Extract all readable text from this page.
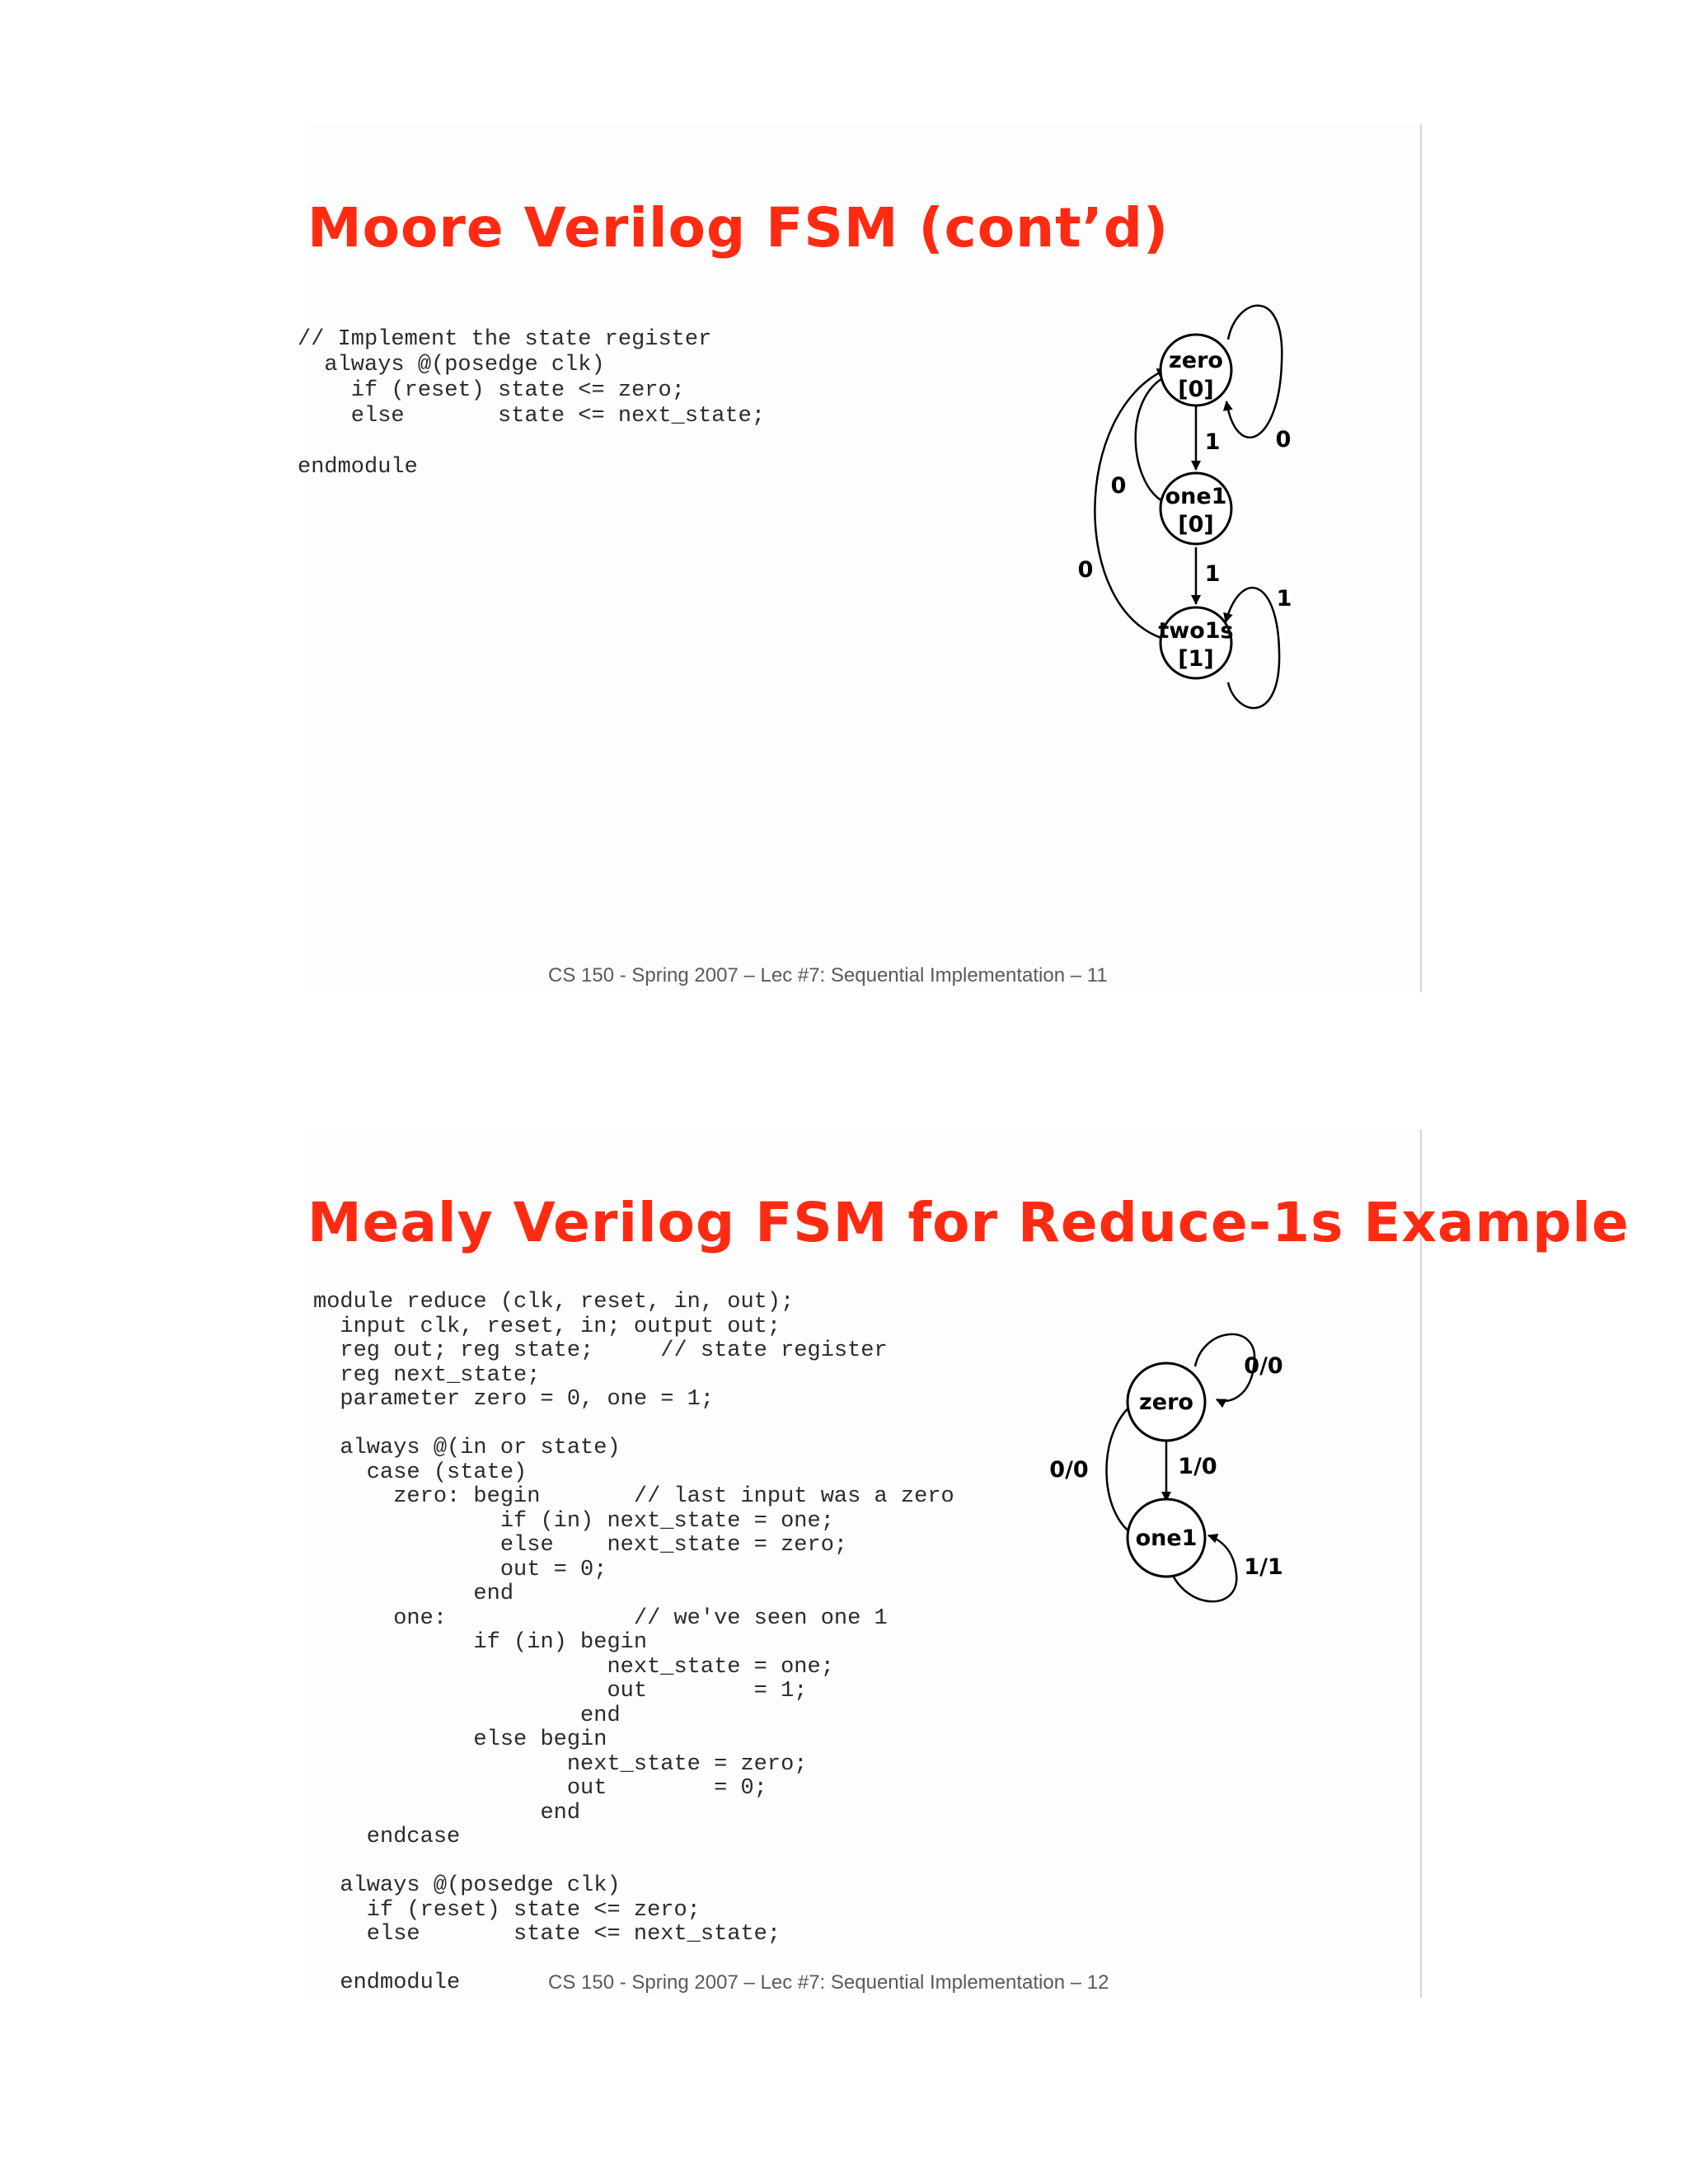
Moore Verilog FSM (cont’d)
// Implement the state register
always @(posedge clk)
if (reset) state <= zero;
else       state <= next_state;

endmodule
zero
[0]
one1
[0]
two1s
[1]
0
1
0
1
1
0
CS 150 - Spring 2007 – Lec #7: Sequential Implementation – 11
Mealy Verilog FSM for Reduce-1s Example
module reduce (clk, reset, in, out);
input clk, reset, in; output out;
reg out; reg state;     // state register
reg next_state;
parameter zero = 0, one = 1;

always @(in or state)
case (state)
zero: begin       // last input was a zero
if (in) next_state = one;
else    next_state = zero;
out = 0;
end
one:              // we've seen one 1
if (in) begin
next_state = one;
out        = 1;
end
else begin
next_state = zero;
out        = 0;
end
endcase

always @(posedge clk)
if (reset) state <= zero;
else       state <= next_state;

endmodule
zero
one1
0/0
1/0
0/0
1/1
CS 150 - Spring 2007 – Lec #7: Sequential Implementation – 12
